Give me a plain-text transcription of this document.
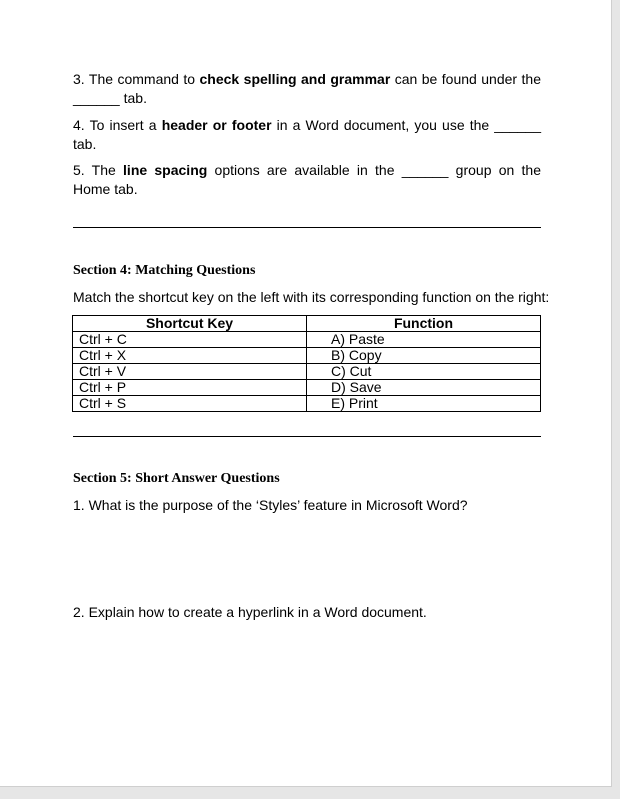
3. The command to check spelling and grammar can be found under the ______ tab.

4. To insert a header or footer in a Word document, you use the ______ tab.

5. The line spacing options are available in the ______ group on the Home tab.

Section 4: Matching Questions

Match the shortcut key on the left with its corresponding function on the right:

Shortcut Key	Function
Ctrl + C	A) Paste
Ctrl + X	B) Copy
Ctrl + V	C) Cut
Ctrl + P	D) Save
Ctrl + S	E) Print

Section 5: Short Answer Questions

1. What is the purpose of the ‘Styles’ feature in Microsoft Word?

2. Explain how to create a hyperlink in a Word document.
